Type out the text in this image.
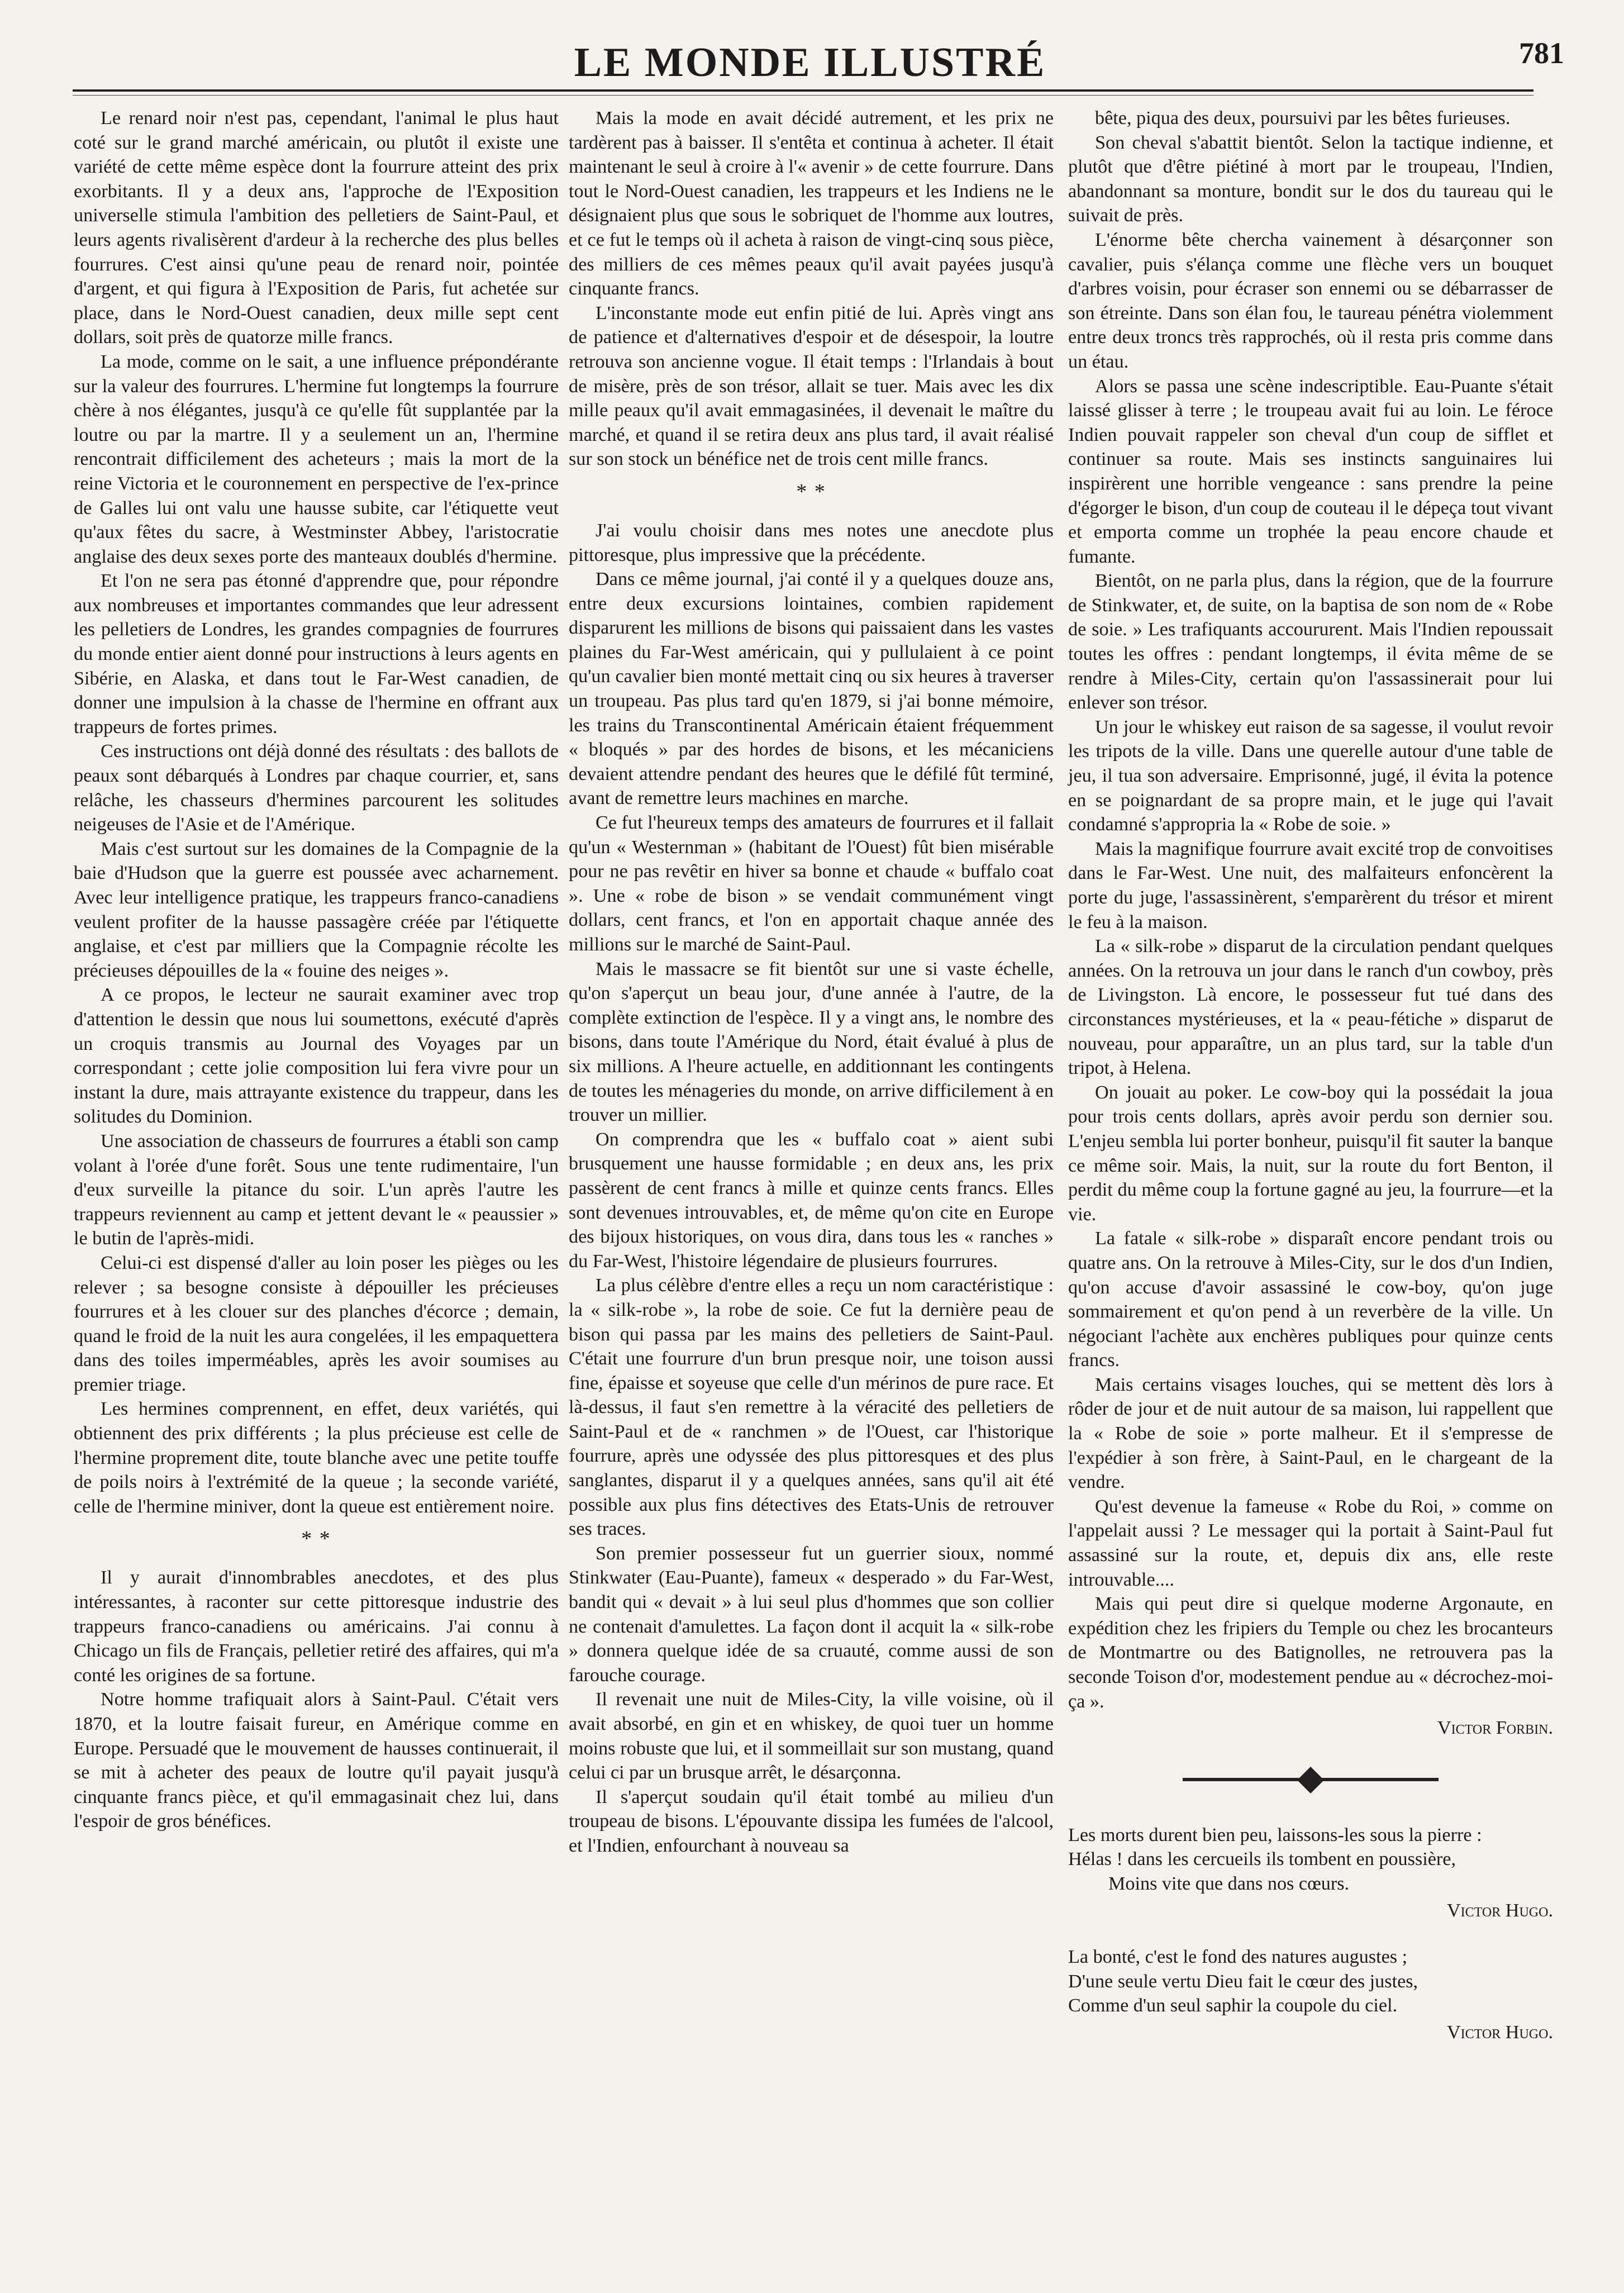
LE MONDE ILLUSTRÉ	781

Le renard noir n'est pas, cependant, l'animal le plus haut coté sur le grand marché américain, ou plutôt il existe une variété de cette même espèce dont la fourrure atteint des prix exorbitants. Il y a deux ans, l'approche de l'Exposition universelle stimula l'ambition des pelletiers de Saint-Paul, et leurs agents rivalisèrent d'ardeur à la recherche des plus belles fourrures. C'est ainsi qu'une peau de renard noir, pointée d'argent, et qui figura à l'Exposition de Paris, fut achetée sur place, dans le Nord-Ouest canadien, deux mille sept cent dollars, soit près de quatorze mille francs.

La mode, comme on le sait, a une influence prépondérante sur la valeur des fourrures. L'hermine fut longtemps la fourrure chère à nos élégantes, jusqu'à ce qu'elle fût supplantée par la loutre ou par la martre. Il y a seulement un an, l'hermine rencontrait difficilement des acheteurs ; mais la mort de la reine Victoria et le couronnement en perspective de l'ex-prince de Galles lui ont valu une hausse subite, car l'étiquette veut qu'aux fêtes du sacre, à Westminster Abbey, l'aristocratie anglaise des deux sexes porte des manteaux doublés d'hermine.

Et l'on ne sera pas étonné d'apprendre que, pour répondre aux nombreuses et importantes commandes que leur adressent les pelletiers de Londres, les grandes compagnies de fourrures du monde entier aient donné pour instructions à leurs agents en Sibérie, en Alaska, et dans tout le Far-West canadien, de donner une impulsion à la chasse de l'hermine en offrant aux trappeurs de fortes primes.

Ces instructions ont déjà donné des résultats : des ballots de peaux sont débarqués à Londres par chaque courrier, et, sans relâche, les chasseurs d'hermines parcourent les solitudes neigeuses de l'Asie et de l'Amérique.

Mais c'est surtout sur les domaines de la Compagnie de la baie d'Hudson que la guerre est poussée avec acharnement. Avec leur intelligence pratique, les trappeurs franco-canadiens veulent profiter de la hausse passagère créée par l'étiquette anglaise, et c'est par milliers que la Compagnie récolte les précieuses dépouilles de la « fouine des neiges ».

A ce propos, le lecteur ne saurait examiner avec trop d'attention le dessin que nous lui soumettons, exécuté d'après un croquis transmis au Journal des Voyages par un correspondant ; cette jolie composition lui fera vivre pour un instant la dure, mais attrayante existence du trappeur, dans les solitudes du Dominion.

Une association de chasseurs de fourrures a établi son camp volant à l'orée d'une forêt. Sous une tente rudimentaire, l'un d'eux surveille la pitance du soir. L'un après l'autre les trappeurs reviennent au camp et jettent devant le « peaussier » le butin de l'après-midi.

Celui-ci est dispensé d'aller au loin poser les pièges ou les relever ; sa besogne consiste à dépouiller les précieuses fourrures et à les clouer sur des planches d'écorce ; demain, quand le froid de la nuit les aura congelées, il les empaquettera dans des toiles imperméables, après les avoir soumises au premier triage.

Les hermines comprennent, en effet, deux variétés, qui obtiennent des prix différents ; la plus précieuse est celle de l'hermine proprement dite, toute blanche avec une petite touffe de poils noirs à l'extrémité de la queue ; la seconde variété, celle de l'hermine miniver, dont la queue est entièrement noire.

* *

Il y aurait d'innombrables anecdotes, et des plus intéressantes, à raconter sur cette pittoresque industrie des trappeurs franco-canadiens ou américains. J'ai connu à Chicago un fils de Français, pelletier retiré des affaires, qui m'a conté les origines de sa fortune.

Notre homme trafiquait alors à Saint-Paul. C'était vers 1870, et la loutre faisait fureur, en Amérique comme en Europe. Persuadé que le mouvement de hausses continuerait, il se mit à acheter des peaux de loutre qu'il payait jusqu'à cinquante francs pièce, et qu'il emmagasinait chez lui, dans l'espoir de gros bénéfices.

Mais la mode en avait décidé autrement, et les prix ne tardèrent pas à baisser. Il s'entêta et continua à acheter. Il était maintenant le seul à croire à l'« avenir » de cette fourrure. Dans tout le Nord-Ouest canadien, les trappeurs et les Indiens ne le désignaient plus que sous le sobriquet de l'homme aux loutres, et ce fut le temps où il acheta à raison de vingt-cinq sous pièce, des milliers de ces mêmes peaux qu'il avait payées jusqu'à cinquante francs.

L'inconstante mode eut enfin pitié de lui. Après vingt ans de patience et d'alternatives d'espoir et de désespoir, la loutre retrouva son ancienne vogue. Il était temps : l'Irlandais à bout de misère, près de son trésor, allait se tuer. Mais avec les dix mille peaux qu'il avait emmagasinées, il devenait le maître du marché, et quand il se retira deux ans plus tard, il avait réalisé sur son stock un bénéfice net de trois cent mille francs.

* *

J'ai voulu choisir dans mes notes une anecdote plus pittoresque, plus impressive que la précédente.

Dans ce même journal, j'ai conté il y a quelques douze ans, entre deux excursions lointaines, combien rapidement disparurent les millions de bisons qui paissaient dans les vastes plaines du Far-West américain, qui y pullulaient à ce point qu'un cavalier bien monté mettait cinq ou six heures à traverser un troupeau. Pas plus tard qu'en 1879, si j'ai bonne mémoire, les trains du Transcontinental Américain étaient fréquemment « bloqués » par des hordes de bisons, et les mécaniciens devaient attendre pendant des heures que le défilé fût terminé, avant de remettre leurs machines en marche.

Ce fut l'heureux temps des amateurs de fourrures et il fallait qu'un « Westernman » (habitant de l'Ouest) fût bien misérable pour ne pas revêtir en hiver sa bonne et chaude « buffalo coat ». Une « robe de bison » se vendait communément vingt dollars, cent francs, et l'on en apportait chaque année des millions sur le marché de Saint-Paul.

Mais le massacre se fit bientôt sur une si vaste échelle, qu'on s'aperçut un beau jour, d'une année à l'autre, de la complète extinction de l'espèce. Il y a vingt ans, le nombre des bisons, dans toute l'Amérique du Nord, était évalué à plus de six millions. A l'heure actuelle, en additionnant les contingents de toutes les ménageries du monde, on arrive difficilement à en trouver un millier.

On comprendra que les « buffalo coat » aient subi brusquement une hausse formidable ; en deux ans, les prix passèrent de cent francs à mille et quinze cents francs. Elles sont devenues introuvables, et, de même qu'on cite en Europe des bijoux historiques, on vous dira, dans tous les « ranches » du Far-West, l'histoire légendaire de plusieurs fourrures.

La plus célèbre d'entre elles a reçu un nom caractéristique : la « silk-robe », la robe de soie. Ce fut la dernière peau de bison qui passa par les mains des pelletiers de Saint-Paul. C'était une fourrure d'un brun presque noir, une toison aussi fine, épaisse et soyeuse que celle d'un mérinos de pure race. Et là-dessus, il faut s'en remettre à la véracité des pelletiers de Saint-Paul et de « ranchmen » de l'Ouest, car l'historique fourrure, après une odyssée des plus pittoresques et des plus sanglantes, disparut il y a quelques années, sans qu'il ait été possible aux plus fins détectives des Etats-Unis de retrouver ses traces.

Son premier possesseur fut un guerrier sioux, nommé Stinkwater (Eau-Puante), fameux « desperado » du Far-West, bandit qui « devait » à lui seul plus d'hommes que son collier ne contenait d'amulettes. La façon dont il acquit la « silk-robe » donnera quelque idée de sa cruauté, comme aussi de son farouche courage.

Il revenait une nuit de Miles-City, la ville voisine, où il avait absorbé, en gin et en whiskey, de quoi tuer un homme moins robuste que lui, et il sommeillait sur son mustang, quand celui ci par un brusque arrêt, le désarçonna.

Il s'aperçut soudain qu'il était tombé au milieu d'un troupeau de bisons. L'épouvante dissipa les fumées de l'alcool, et l'Indien, enfourchant à nouveau sa

bête, piqua des deux, poursuivi par les bêtes furieuses.

Son cheval s'abattit bientôt. Selon la tactique indienne, et plutôt que d'être piétiné à mort par le troupeau, l'Indien, abandonnant sa monture, bondit sur le dos du taureau qui le suivait de près.

L'énorme bête chercha vainement à désarçonner son cavalier, puis s'élança comme une flèche vers un bouquet d'arbres voisin, pour écraser son ennemi ou se débarrasser de son étreinte. Dans son élan fou, le taureau pénétra violemment entre deux troncs très rapprochés, où il resta pris comme dans un étau.

Alors se passa une scène indescriptible. Eau-Puante s'était laissé glisser à terre ; le troupeau avait fui au loin. Le féroce Indien pouvait rappeler son cheval d'un coup de sifflet et continuer sa route. Mais ses instincts sanguinaires lui inspirèrent une horrible vengeance : sans prendre la peine d'égorger le bison, d'un coup de couteau il le dépeça tout vivant et emporta comme un trophée la peau encore chaude et fumante.

Bientôt, on ne parla plus, dans la région, que de la fourrure de Stinkwater, et, de suite, on la baptisa de son nom de « Robe de soie. » Les trafiquants accoururent. Mais l'Indien repoussait toutes les offres : pendant longtemps, il évita même de se rendre à Miles-City, certain qu'on l'assassinerait pour lui enlever son trésor.

Un jour le whiskey eut raison de sa sagesse, il voulut revoir les tripots de la ville. Dans une querelle autour d'une table de jeu, il tua son adversaire. Emprisonné, jugé, il évita la potence en se poignardant de sa propre main, et le juge qui l'avait condamné s'appropria la « Robe de soie. »

Mais la magnifique fourrure avait excité trop de convoitises dans le Far-West. Une nuit, des malfaiteurs enfoncèrent la porte du juge, l'assassinèrent, s'emparèrent du trésor et mirent le feu à la maison.

La « silk-robe » disparut de la circulation pendant quelques années. On la retrouva un jour dans le ranch d'un cowboy, près de Livingston. Là encore, le possesseur fut tué dans des circonstances mystérieuses, et la « peau-fétiche » disparut de nouveau, pour apparaître, un an plus tard, sur la table d'un tripot, à Helena.

On jouait au poker. Le cow-boy qui la possédait la joua pour trois cents dollars, après avoir perdu son dernier sou. L'enjeu sembla lui porter bonheur, puisqu'il fit sauter la banque ce même soir. Mais, la nuit, sur la route du fort Benton, il perdit du même coup la fortune gagné au jeu, la fourrure—et la vie.

La fatale « silk-robe » disparaît encore pendant trois ou quatre ans. On la retrouve à Miles-City, sur le dos d'un Indien, qu'on accuse d'avoir assassiné le cow-boy, qu'on juge sommairement et qu'on pend à un reverbère de la ville. Un négociant l'achète aux enchères publiques pour quinze cents francs.

Mais certains visages louches, qui se mettent dès lors à rôder de jour et de nuit autour de sa maison, lui rappellent que la « Robe de soie » porte malheur. Et il s'empresse de l'expédier à son frère, à Saint-Paul, en le chargeant de la vendre.

Qu'est devenue la fameuse « Robe du Roi, » comme on l'appelait aussi ? Le messager qui la portait à Saint-Paul fut assassiné sur la route, et, depuis dix ans, elle reste introuvable....

Mais qui peut dire si quelque moderne Argonaute, en expédition chez les fripiers du Temple ou chez les brocanteurs de Montmartre ou des Batignolles, ne retrouvera pas la seconde Toison d'or, modestement pendue au « décrochez-moi-ça ».

Victor Forbin.

Les morts durent bien peu, laissons-les sous la pierre :

Hélas ! dans les cercueils ils tombent en poussière,

Moins vite que dans nos cœurs.

Victor Hugo.

La bonté, c'est le fond des natures augustes ;

D'une seule vertu Dieu fait le cœur des justes,

Comme d'un seul saphir la coupole du ciel.

Victor Hugo.
